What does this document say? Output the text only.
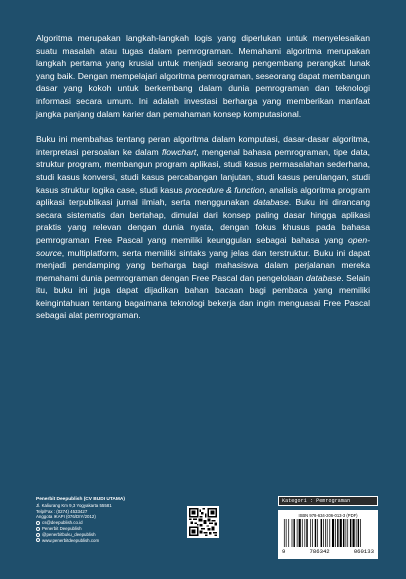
Algoritma merupakan langkah-langkah logis yang diperlukan untuk menyelesaikan suatu masalah atau tugas dalam pemrograman. Memahami algoritma merupakan langkah pertama yang krusial untuk menjadi seorang pengembang perangkat lunak yang baik. Dengan mempelajari algoritma pemrograman, seseorang dapat membangun dasar yang kokoh untuk berkembang dalam dunia pemrograman dan teknologi informasi secara umum. Ini adalah investasi berharga yang memberikan manfaat jangka panjang dalam karier dan pemahaman konsep komputasional.

Buku ini membahas tentang peran algoritma dalam komputasi, dasar-dasar algoritma, interpretasi persoalan ke dalam flowchart, mengenal bahasa pemrograman, tipe data, struktur program, membangun program aplikasi, studi kasus permasalahan sederhana, studi kasus konversi, studi kasus percabangan lanjutan, studi kasus perulangan, studi kasus struktur logika case, studi kasus procedure & function, analisis algoritma program aplikasi terpublikasi jurnal ilmiah, serta menggunakan database. Buku ini dirancang secara sistematis dan bertahap, dimulai dari konsep paling dasar hingga aplikasi praktis yang relevan dengan dunia nyata, dengan fokus khusus pada bahasa pemrograman Free Pascal yang memiliki keunggulan sebagai bahasa yang open-source, multiplatform, serta memiliki sintaks yang jelas dan terstruktur. Buku ini dapat menjadi pendamping yang berharga bagi mahasiswa dalam perjalanan mereka memahami dunia pemrograman dengan Free Pascal dan pengelolaan database. Selain itu, buku ini juga dapat dijadikan bahan bacaan bagi pembaca yang memiliki keingintahuan tentang bagaimana teknologi bekerja dan ingin menguasai Free Pascal sebagai alat pemrograman.

Penerbit Deepublish (CV BUDI UTAMA)
Jl. Kaliurang Km 9,3 Yogyakarta 55581
Telp/Fax : (0274) 4533427
Anggota IKAPI (076/DIY/2012)
cs@deepublish.co.id
Penerbit Deepublish
@penerbitbuku_deepublish
www.penerbitdeepublish.com
Kategori : Pemrograman
ISBN 978-634-206-013-3 (PDF)
9	786342	060133
